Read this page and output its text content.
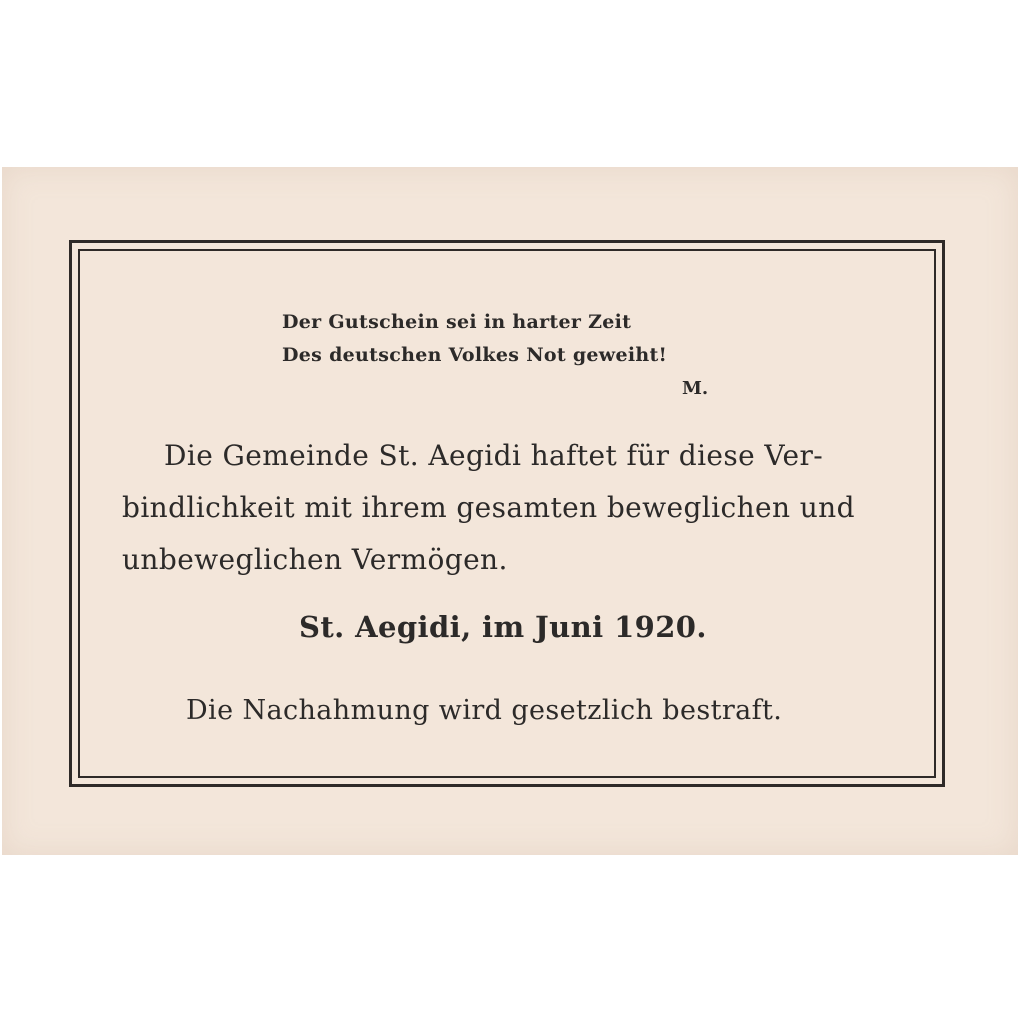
Der Gutschein sei in harter Zeit
Des deutschen Volkes Not geweiht!
M.
Die Gemeinde St. Aegidi haftet für diese Ver-
bindlichkeit mit ihrem gesamten beweglichen und
unbeweglichen Vermögen.
St. Aegidi, im Juni 1920.
Die Nachahmung wird gesetzlich bestraft.
